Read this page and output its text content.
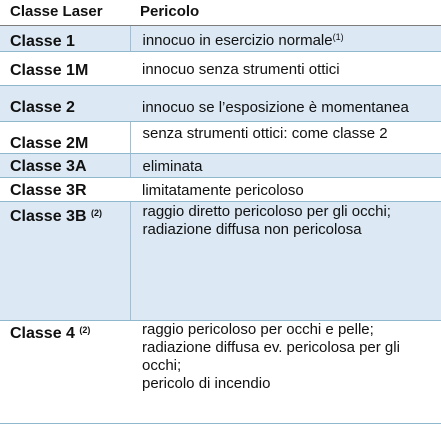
Classe Laser	Pericolo
Classe 1	innocuo in esercizio normale$^{(1)}$

Classe 1M	innocuo senza strumenti ottici

Classe 2	innocuo se l’esposizione è momentanea

Classe 2M	senza strumenti ottici: come classe 2

Classe 3A	eliminata

Classe 3R	limitatamente pericoloso

Classe 3B $^{(2)}$	raggio diretto pericoloso per gli occhi;
radiazione diffusa non pericolosa

Classe 4 $^{(2)}$	raggio pericoloso per occhi e pelle;
radiazione diffusa ev. pericolosa per gli
occhi;
pericolo di incendio
